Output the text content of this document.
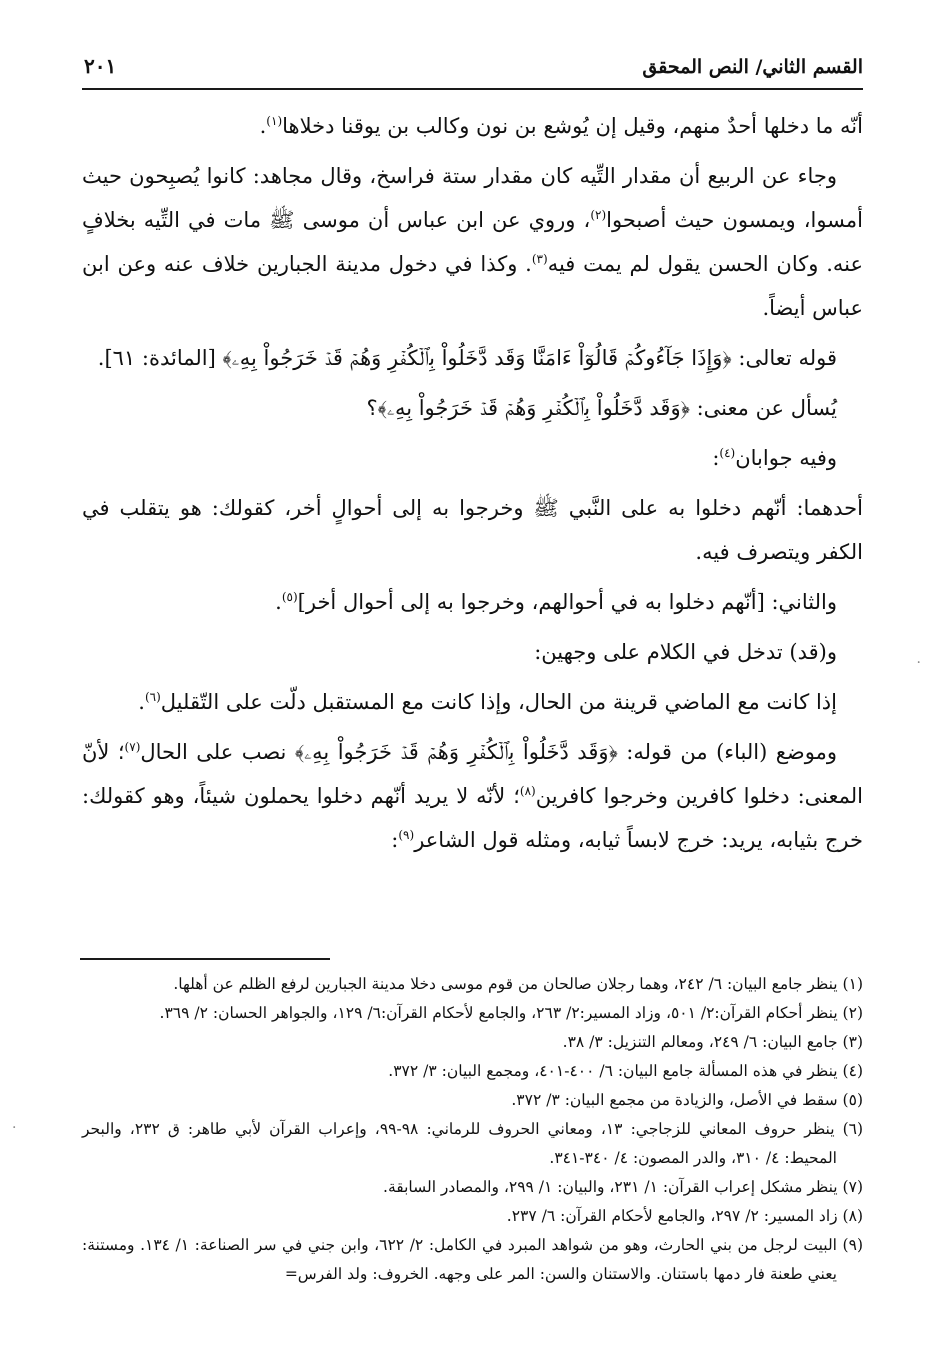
القسم الثاني/ النص المحقق
٢٠١

أنّه ما دخلها أحدٌ منهم، وقيل إن يُوشع بن نون وكالب بن يوقنا دخلاها$^{(١)}$.

وجاء عن الربيع أن مقدار التِّيه كان مقدار ستة فراسخ، وقال مجاهد: كانوا يُصبِحون حيث أمسوا، ويمسون حيث أصبحوا$^{(٢)}$، وروي عن ابن عباس أن موسى ﷺ مات في التِّيه بخلافٍ عنه. وكان الحسن يقول لم يمت فيه$^{(٣)}$. وكذا في دخول مدينة الجبارين خلاف عنه وعن ابن عباس أيضاً.

قوله تعالى: ﴿وَإِذَا جَآءُوكُمۡ قَالُوٓاْ ءَامَنَّا وَقَد دَّخَلُواْ بِٱلۡكُفۡرِ وَهُمۡ قَدۡ خَرَجُواْ بِهِۦ﴾ [المائدة: ٦١].

يُسأل عن معنى: ﴿وَقَد دَّخَلُواْ بِٱلۡكُفۡرِ وَهُمۡ قَدۡ خَرَجُواْ بِهِۦ﴾؟

وفيه جوابان$^{(٤)}$:

أحدهما: أنّهم دخلوا به على النَّبي ﷺ وخرجوا به إلى أحوالٍ أخر، كقولك: هو يتقلب في الكفر ويتصرف فيه.

والثاني: [أنّهم دخلوا به في أحوالهم، وخرجوا به إلى أحوال أخر]$^{(٥)}$.

و(قد) تدخل في الكلام على وجهين:

إذا كانت مع الماضي قرينة من الحال، وإذا كانت مع المستقبل دلّت على التّقليل$^{(٦)}$.

وموضع (الباء) من قوله: ﴿وَقَد دَّخَلُواْ بِٱلۡكُفۡرِ وَهُمۡ قَدۡ خَرَجُواْ بِهِۦ﴾ نصب على الحال$^{(٧)}$؛ لأنّ المعنى: دخلوا كافرين وخرجوا كافرين$^{(٨)}$؛ لأنّه لا يريد أنّهم دخلوا يحملون شيئاً، وهو كقولك: خرج بثيابه، يريد: خرج لابساً ثيابه، ومثله قول الشاعر$^{(٩)}$:

(١) ينظر جامع البيان: ٦/ ٢٤٢، وهما رجلان صالحان من قوم موسى دخلا مدينة الجبارين لرفع الظلم عن أهلها.

(٢) ينظر أحكام القرآن:٢/ ٥٠١، وزاد المسير:٢/ ٢٦٣، والجامع لأحكام القرآن:٦/ ١٢٩، والجواهر الحسان: ٢/ ٣٦٩.

(٣) جامع البيان: ٦/ ٢٤٩، ومعالم التنزيل: ٣/ ٣٨.

(٤) ينظر في هذه المسألة جامع البيان: ٦/ ٤٠٠-٤٠١، ومجمع البيان: ٣/ ٣٧٢.

(٥) سقط في الأصل، والزيادة من مجمع البيان: ٣/ ٣٧٢.

(٦) ينظر حروف المعاني للزجاجي: ١٣، ومعاني الحروف للرماني: ٩٨-٩٩، وإعراب القرآن لأبي طاهر: ق ٢٣٢، والبحر المحيط: ٤/ ٣١٠، والدر المصون: ٤/ ٣٤٠-٣٤١.

(٧) ينظر مشكل إعراب القرآن: ١/ ٢٣١، والبيان: ١/ ٢٩٩، والمصادر السابقة.

(٨) زاد المسير: ٢/ ٢٩٧، والجامع لأحكام القرآن: ٦/ ٢٣٧.

(٩) البيت لرجل من بني الحارث، وهو من شواهد المبرد في الكامل: ٢/ ٦٢٢، وابن جني في سر الصناعة: ١/ ١٣٤. ومستنة: يعني طعنة فار دمها باستنان. والاستنان والسن: المر على وجهه. الخروف: ولد الفرس=

·
·
